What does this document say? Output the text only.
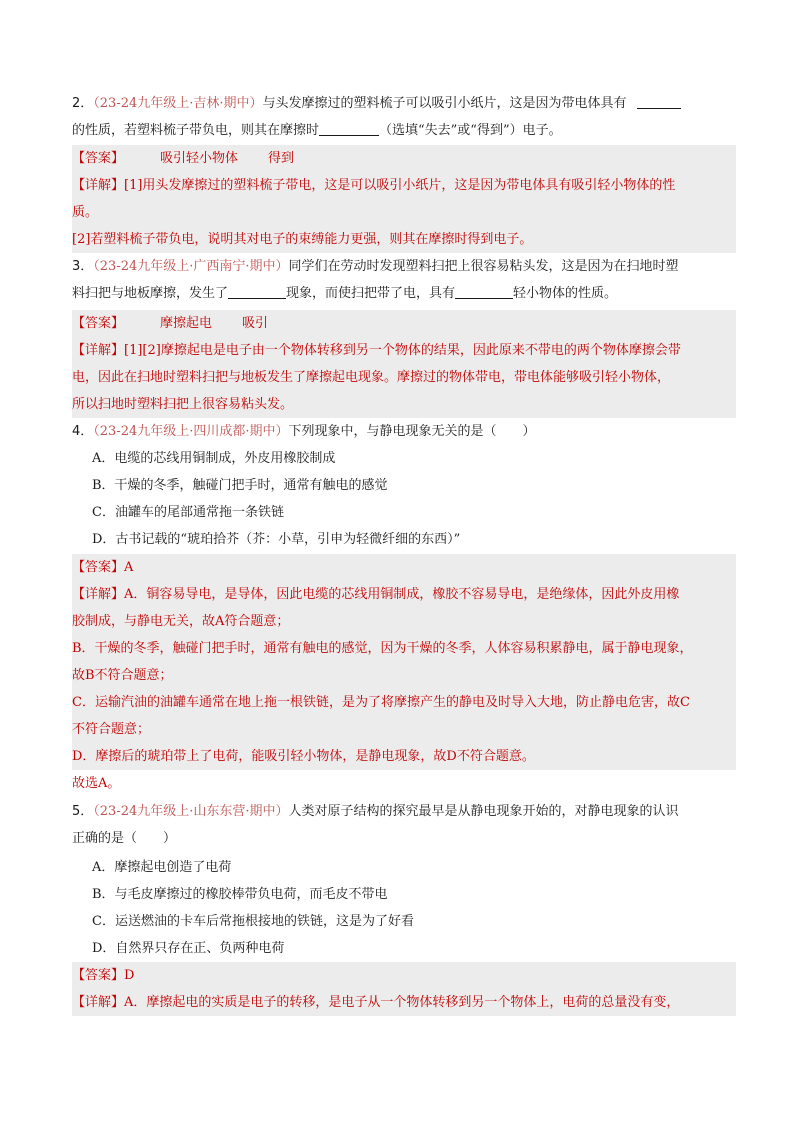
2．（23-24九年级上·吉林·期中）与头发摩擦过的塑料梳子可以吸引小纸片，这是因为带电体具有
的性质，若塑料梳子带负电，则其在摩擦时	（选填“失去”或“得到”）电子。
【答案】	吸引轻小物体 得到
【详解】[1]用头发摩擦过的塑料梳子带电，这是可以吸引小纸片，这是因为带电体具有吸引轻小物体的性
质。
[2]若塑料梳子带负电，说明其对电子的束缚能力更强，则其在摩擦时得到电子。
3．（23-24九年级上·广西南宁·期中）同学们在劳动时发现塑料扫把上很容易粘头发，这是因为在扫地时塑
料扫把与地板摩擦，发生了	现象，而使扫把带了电，具有	轻小物体的性质。
【答案】	摩擦起电 吸引
【详解】[1][2]摩擦起电是电子由一个物体转移到另一个物体的结果，因此原来不带电的两个物体摩擦会带
电，因此在扫地时塑料扫把与地板发生了摩擦起电现象。摩擦过的物体带电，带电体能够吸引轻小物体，
所以扫地时塑料扫把上很容易粘头发。
4．（23-24九年级上·四川成都·期中）下列现象中，与静电现象无关的是（　　）
A．电缆的芯线用铜制成，外皮用橡胶制成
B．干燥的冬季，触碰门把手时，通常有触电的感觉
C．油罐车的尾部通常拖一条铁链
D．古书记载的“琥珀拾芥（芥：小草，引申为轻微纤细的东西）”
【答案】A
【详解】A．铜容易导电，是导体，因此电缆的芯线用铜制成，橡胶不容易导电，是绝缘体，因此外皮用橡
胶制成，与静电无关，故A符合题意；
B．干燥的冬季，触碰门把手时，通常有触电的感觉，因为干燥的冬季，人体容易积累静电，属于静电现象，
故B不符合题意；
C．运输汽油的油罐车通常在地上拖一根铁链，是为了将摩擦产生的静电及时导入大地，防止静电危害，故C
不符合题意；
D．摩擦后的琥珀带上了电荷，能吸引轻小物体，是静电现象，故D不符合题意。
故选A。
5．（23-24九年级上·山东东营·期中）人类对原子结构的探究最早是从静电现象开始的，对静电现象的认识
正确的是（　　）
A．摩擦起电创造了电荷
B．与毛皮摩擦过的橡胶棒带负电荷，而毛皮不带电
C．运送燃油的卡车后常拖根接地的铁链，这是为了好看
D．自然界只存在正、负两种电荷
【答案】D
【详解】A．摩擦起电的实质是电子的转移，是电子从一个物体转移到另一个物体上，电荷的总量没有变，
